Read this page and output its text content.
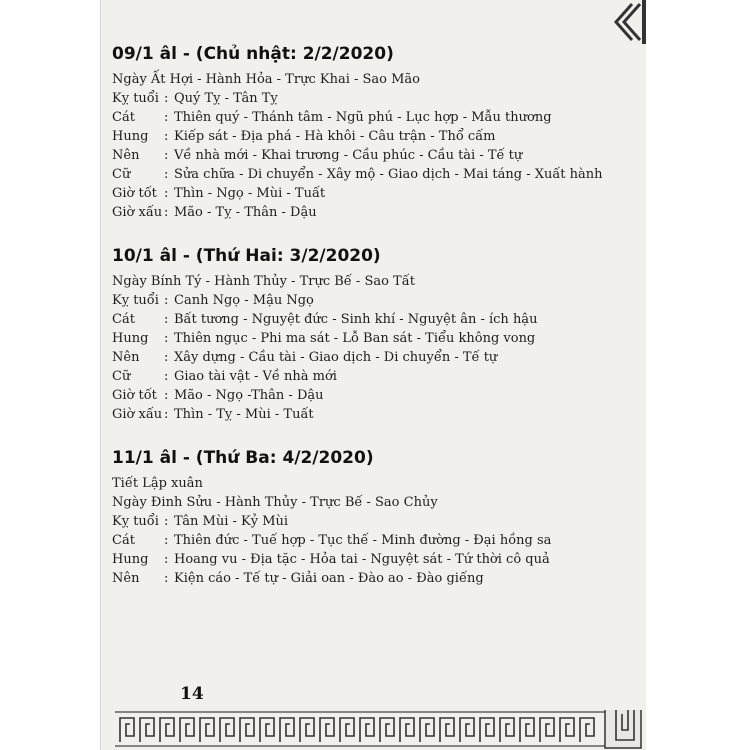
09/1 âl - (Chủ nhật: 2/2/2020)

Ngày Ất Hợi - Hành Hỏa - Trực Khai - Sao Mão

Kỵ tuổi : Quý Tỵ - Tân Tỵ
Cát	: Thiên quý - Thánh tâm - Ngũ phú - Lục hợp - Mẫu thương
Hung	: Kiếp sát - Địa phá - Hà khôi - Câu trận - Thổ cấm
Nên	: Về nhà mới - Khai trương - Cầu phúc - Cầu tài - Tế tự
Cữ	: Sửa chữa - Di chuyển - Xây mộ - Giao dịch - Mai táng - Xuất hành
Giờ tốt : Thìn - Ngọ - Mùi - Tuất
Giờ xấu : Mão - Tỵ - Thân - Dậu
10/1 âl - (Thứ Hai: 3/2/2020)

Ngày Bính Tý - Hành Thủy - Trực Bế - Sao Tất

Kỵ tuổi : Canh Ngọ - Mậu Ngọ
Cát	: Bất tương - Nguyệt đức - Sinh khí - Nguyệt ân - ích hậu
Hung	: Thiên ngục - Phi ma sát - Lỗ Ban sát - Tiểu không vong
Nên	: Xây dựng - Cầu tài - Giao dịch - Di chuyển - Tế tự
Cữ	: Giao tài vật - Về nhà mới
Giờ tốt : Mão - Ngọ -Thân - Dậu
Giờ xấu : Thìn - Tỵ - Mùi - Tuất
11/1 âl - (Thứ Ba: 4/2/2020)

Tiết Lập xuân

Ngày Đinh Sửu - Hành Thủy - Trực Bế - Sao Chủy

Kỵ tuổi : Tân Mùi - Kỷ Mùi
Cát	: Thiên đức - Tuế hợp - Tục thế - Minh đường - Đại hồng sa
Hung	: Hoang vu - Địa tặc - Hỏa tai - Nguyệt sát - Tứ thời cô quả
Nên	: Kiện cáo - Tế tự - Giải oan - Đào ao - Đào giếng
14
